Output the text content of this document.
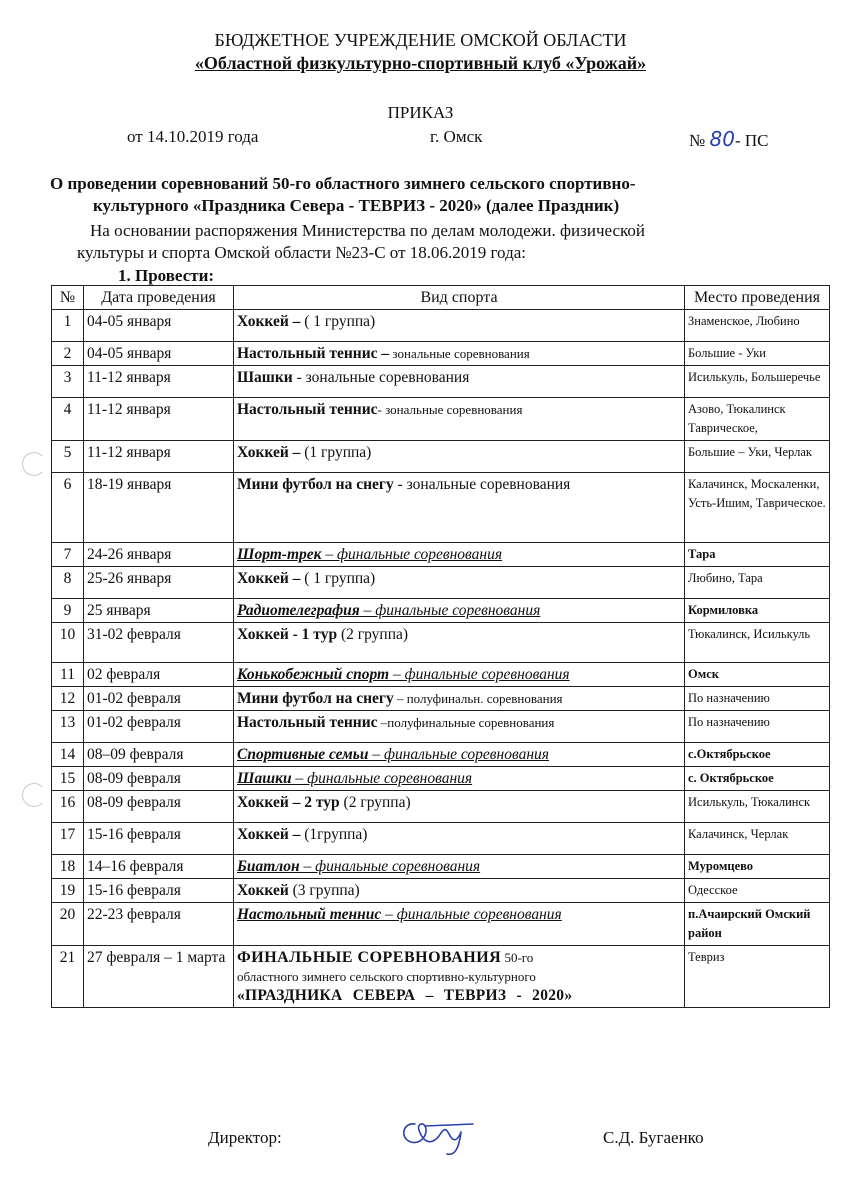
БЮДЖЕТНОЕ УЧРЕЖДЕНИЕ ОМСКОЙ ОБЛАСТИ
«Областной физкультурно-спортивный клуб «Урожай»
ПРИКАЗ
от 14.10.2019 года	г. Омск	№ 80- ПС
О проведении соревнований 50-го областного зимнего сельского спортивно-
культурного «Праздника Севера - ТЕВРИЗ - 2020» (далее Праздник)
На основании распоряжения Министерства по делам молодежи. физической
культуры и спорта Омской области №23-С от 18.06.2019 года:
1. Провести:
№	Дата проведения	Вид спорта	Место проведения
1	04-05 января	Хоккей – ( 1 группа)	Знаменское, Любино
2	04-05 января	Настольный теннис – зональные соревнования	Большие - Уки
3	11-12 января	Шашки - зональные соревнования	Исилькуль, Большеречье
4	11-12 января	Настольный теннис- зональные соревнования	Азово, Тюкалинск Таврическое,
5	11-12 января	Хоккей – (1 группа)	Большие – Уки, Черлак
6	18-19 января	Мини футбол на снегу - зональные соревнования	Калачинск, Москаленки, Усть-Ишим, Таврическое.
7	24-26 января	Шорт-трек – финальные соревнования	Тара
8	25-26 января	Хоккей – ( 1 группа)	Любино, Тара
9	25 января	Радиотелеграфия – финальные соревнования	Кормиловка
10	31-02 февраля	Хоккей - 1 тур (2 группа)	Тюкалинск, Исилькуль
11	02 февраля	Конькобежный спорт – финальные соревнования	Омск
12	01-02 февраля	Мини футбол на снегу – полуфинальн. соревнования	По назначению
13	01-02 февраля	Настольный теннис –полуфинальные соревнования	По назначению
14	08–09 февраля	Спортивные семьи – финальные соревнования	с.Октябрьское
15	08-09 февраля	Шашки – финальные соревнования	с. Октябрьское
16	08-09 февраля	Хоккей – 2 тур (2 группа)	Исилькуль, Тюкалинск
17	15-16 февраля	Хоккей – (1группа)	Калачинск, Черлак
18	14–16 февраля	Биатлон – финальные соревнования	Муромцево
19	15-16 февраля	Хоккей (3 группа)	Одесское
20	22-23 февраля	Настольный теннис – финальные соревнования	п.Ачаирский Омский район
21	27 февраля – 1 марта	ФИНАЛЬНЫЕ СОРЕВНОВАНИЯ 50-го
областного зимнего сельского спортивно-культурного
«ПРАЗДНИКА СЕВЕРА – ТЕВРИЗ - 2020»	Тевриз
Директор:	С.Д. Бугаенко
